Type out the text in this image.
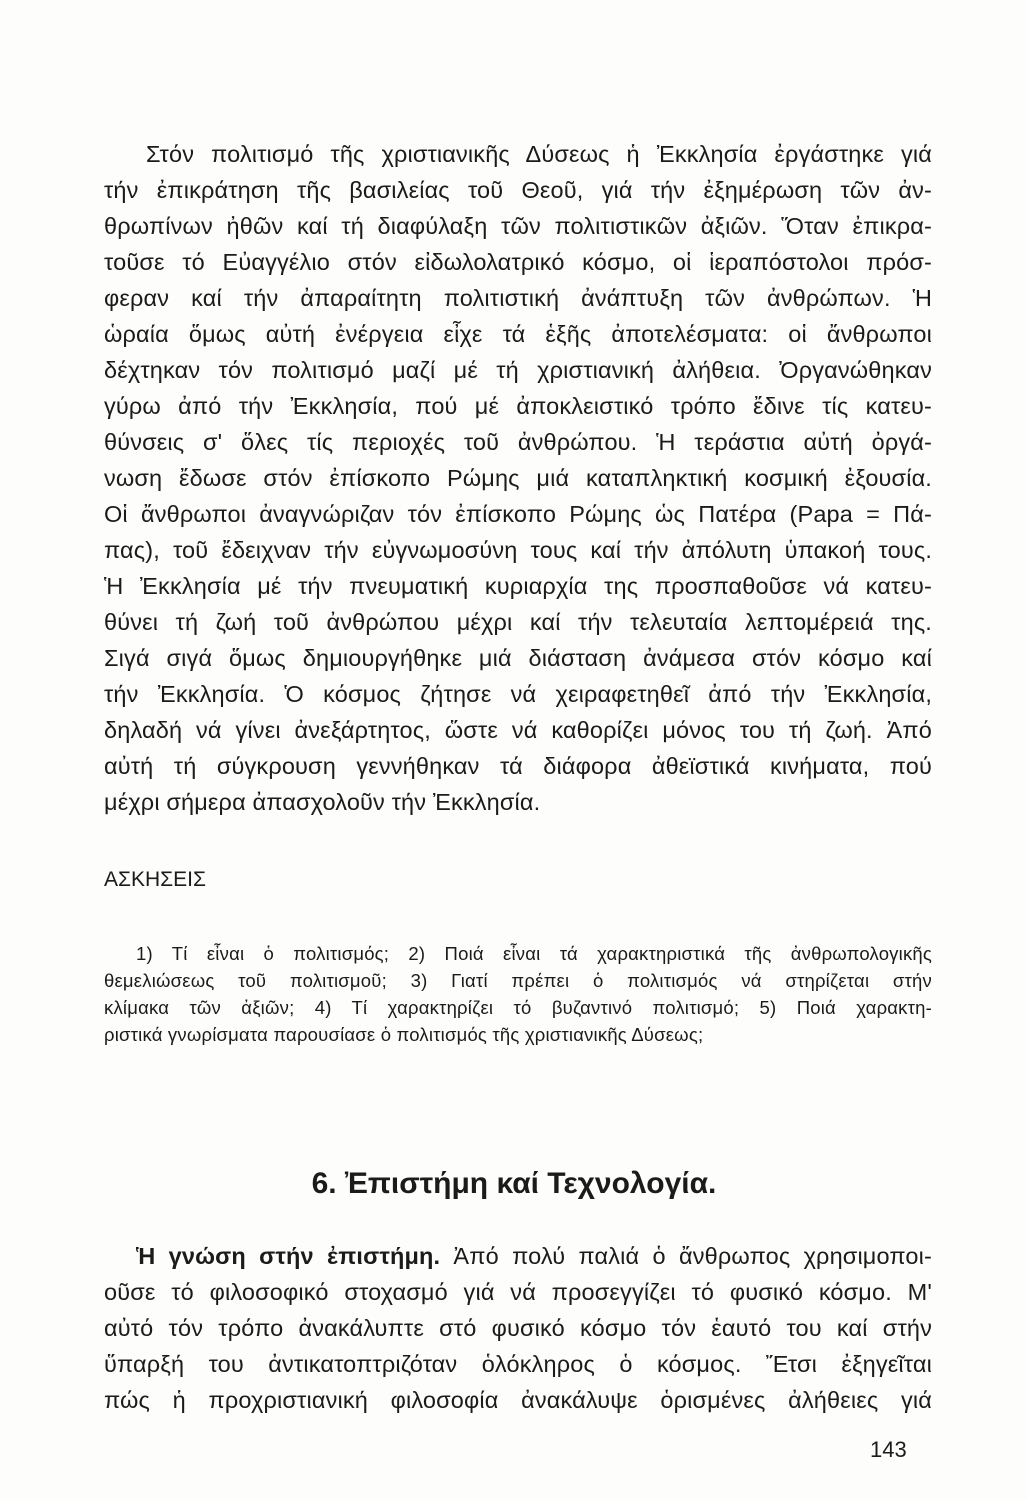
Στόν πολιτισμό τῆς χριστιανικῆς Δύσεως ἡ Ἐκκλησία ἐργάστηκε γιά
τήν ἐπικράτηση τῆς βασιλείας τοῦ Θεοῦ, γιά τήν ἐξημέρωση τῶν ἀν-
θρωπίνων ἠθῶν καί τή διαφύλαξη τῶν πολιτιστικῶν ἀξιῶν. Ὅταν ἐπικρα-
τοῦσε τό Εὐαγγέλιο στόν εἰδωλολατρικό κόσμο, οἱ ἱεραπόστολοι πρόσ-
φεραν καί τήν ἀπαραίτητη πολιτιστική ἀνάπτυξη τῶν ἀνθρώπων. Ἡ
ὡραία ὅμως αὐτή ἐνέργεια εἶχε τά ἑξῆς ἀποτελέσματα: οἱ ἄνθρωποι
δέχτηκαν τόν πολιτισμό μαζί μέ τή χριστιανική ἀλήθεια. Ὀργανώθηκαν
γύρω ἀπό τήν Ἐκκλησία, πού μέ ἀποκλειστικό τρόπο ἔδινε τίς κατευ-
θύνσεις σ' ὅλες τίς περιοχές τοῦ ἀνθρώπου. Ἡ τεράστια αὐτή ὀργά-
νωση ἔδωσε στόν ἐπίσκοπο Ρώμης μιά καταπληκτική κοσμική ἐξουσία.
Οἱ ἄνθρωποι ἀναγνώριζαν τόν ἐπίσκοπο Ρώμης ὡς Πατέρα (Papa = Πά-
πας), τοῦ ἔδειχναν τήν εὐγνωμοσύνη τους καί τήν ἀπόλυτη ὑπακοή τους.
Ἡ Ἐκκλησία μέ τήν πνευματική κυριαρχία της προσπαθοῦσε νά κατευ-
θύνει τή ζωή τοῦ ἀνθρώπου μέχρι καί τήν τελευταία λεπτομέρειά της.
Σιγά σιγά ὅμως δημιουργήθηκε μιά διάσταση ἀνάμεσα στόν κόσμο καί
τήν Ἐκκλησία. Ὁ κόσμος ζήτησε νά χειραφετηθεῖ ἀπό τήν Ἐκκλησία,
δηλαδή νά γίνει ἀνεξάρτητος, ὥστε νά καθορίζει μόνος του τή ζωή. Ἀπό
αὐτή τή σύγκρουση γεννήθηκαν τά διάφορα ἀθεϊστικά κινήματα, πού
μέχρι σήμερα ἀπασχολοῦν τήν Ἐκκλησία.
ΑΣΚΗΣΕΙΣ
1) Τί εἶναι ὁ πολιτισμός; 2) Ποιά εἶναι τά χαρακτηριστικά τῆς ἀνθρωπολογικῆς
θεμελιώσεως τοῦ πολιτισμοῦ; 3) Γιατί πρέπει ὁ πολιτισμός νά στηρίζεται στήν
κλίμακα τῶν ἀξιῶν; 4) Τί χαρακτηρίζει τό βυζαντινό πολιτισμό; 5) Ποιά χαρακτη-
ριστικά γνωρίσματα παρουσίασε ὁ πολιτισμός τῆς χριστιανικῆς Δύσεως;
6. Ἐπιστήμη καί Τεχνολογία.
Ἡ γνώση στήν ἐπιστήμη. Ἀπό πολύ παλιά ὁ ἄνθρωπος χρησιμοποι-
οῦσε τό φιλοσοφικό στοχασμό γιά νά προσεγγίζει τό φυσικό κόσμο. Μ'
αὐτό τόν τρόπο ἀνακάλυπτε στό φυσικό κόσμο τόν ἑαυτό του καί στήν
ὕπαρξή του ἀντικατοπτριζόταν ὁλόκληρος ὁ κόσμος. Ἔτσι ἐξηγεῖται
πώς ἡ προχριστιανική φιλοσοφία ἀνακάλυψε ὁρισμένες ἀλήθειες γιά
143
